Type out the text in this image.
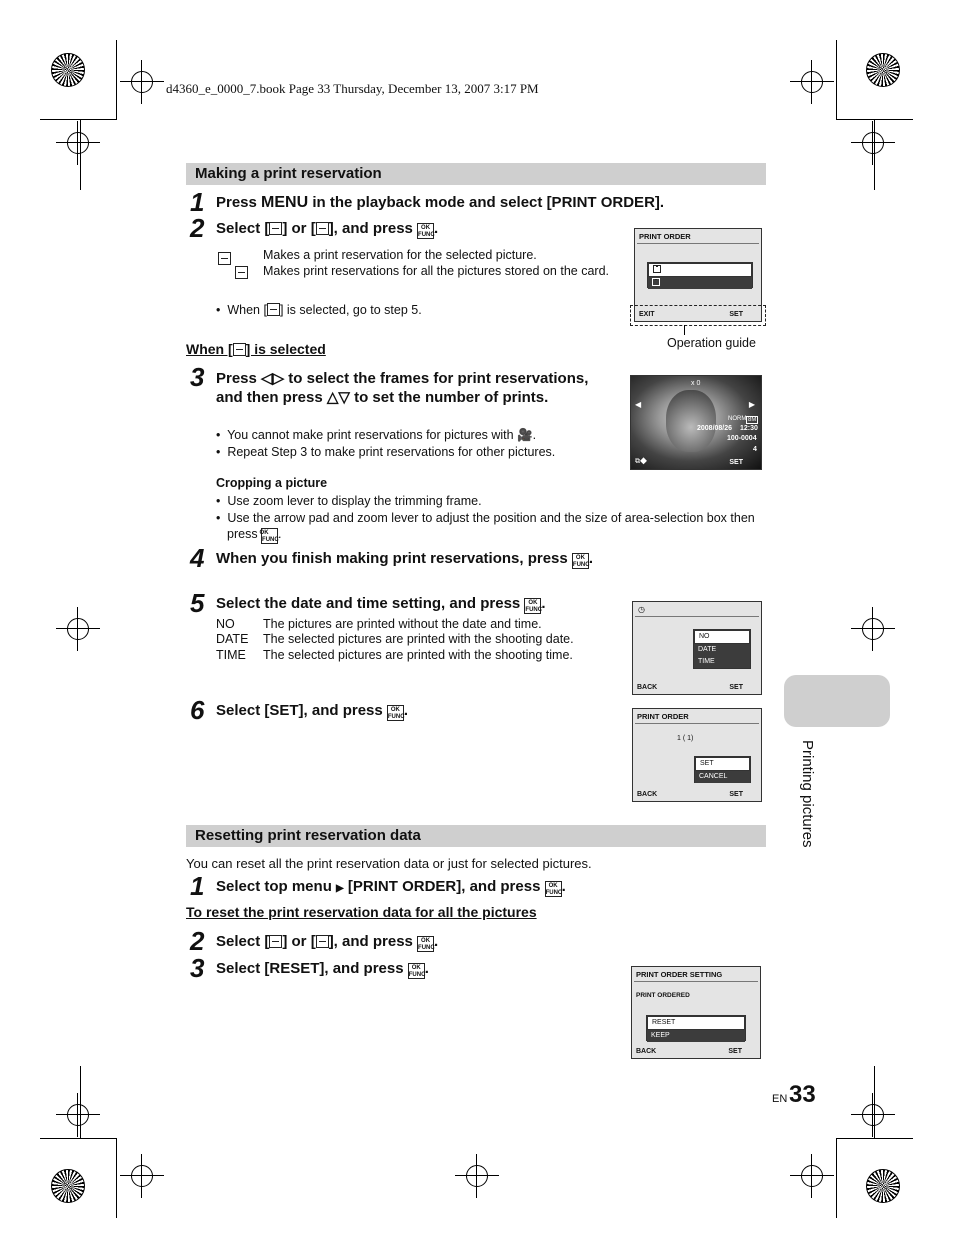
d4360_e_0000_7.book Page 33 Thursday, December 13, 2007 3:17 PM
Making a print reservation
1 Press MENU in the playback mode and select [PRINT ORDER].
2 Select [ ] or [ ], and press OK
FUNC.

Makes a print reservation for the selected picture.
Makes print reservations for all the pictures stored on the card.
•  When [ ] is selected, go to step 5.
PRINT ORDER
EXIT	SET
Operation guide
When [ ] is selected
3 Press ◁▷ to select the frames for print reservations, and then press △▽ to set the number of prints.
•  You cannot make print reservations for pictures with 🎥.
•  Repeat Step 3 to make print reservations for other pictures.
x 0
◀	▶
NORM 8M
2008/08/26 12:30
100-0004
4
⧉◆	SET
Cropping a picture
•  Use zoom lever to display the trimming frame.
•  Use the arrow pad and zoom lever to adjust the position and the size of area-selection box then press OK
FUNC.
4 When you finish making print reservations, press OK
FUNC.
5 Select the date and time setting, and press OK
FUNC.
NO The pictures are printed without the date and time.
DATE The selected pictures are printed with the shooting date.
TIME The selected pictures are printed with the shooting time.
◷
NO
DATE
TIME
BACK	SET
6 Select [SET], and press OK
FUNC.	PRINT ORDER
1 ( 1)
SET
CANCEL
BACK	SET
Resetting print reservation data
You can reset all the print reservation data or just for selected pictures.
1 Select top menu ▶ [PRINT ORDER], and press OK
FUNC.
To reset the print reservation data for all the pictures
2 Select [ ] or [ ], and press OK
FUNC.
3 Select [RESET], and press OK
FUNC.	PRINT ORDER SETTING
PRINT ORDERED
RESET
KEEP
BACK	SET
Printing pictures
EN 33
